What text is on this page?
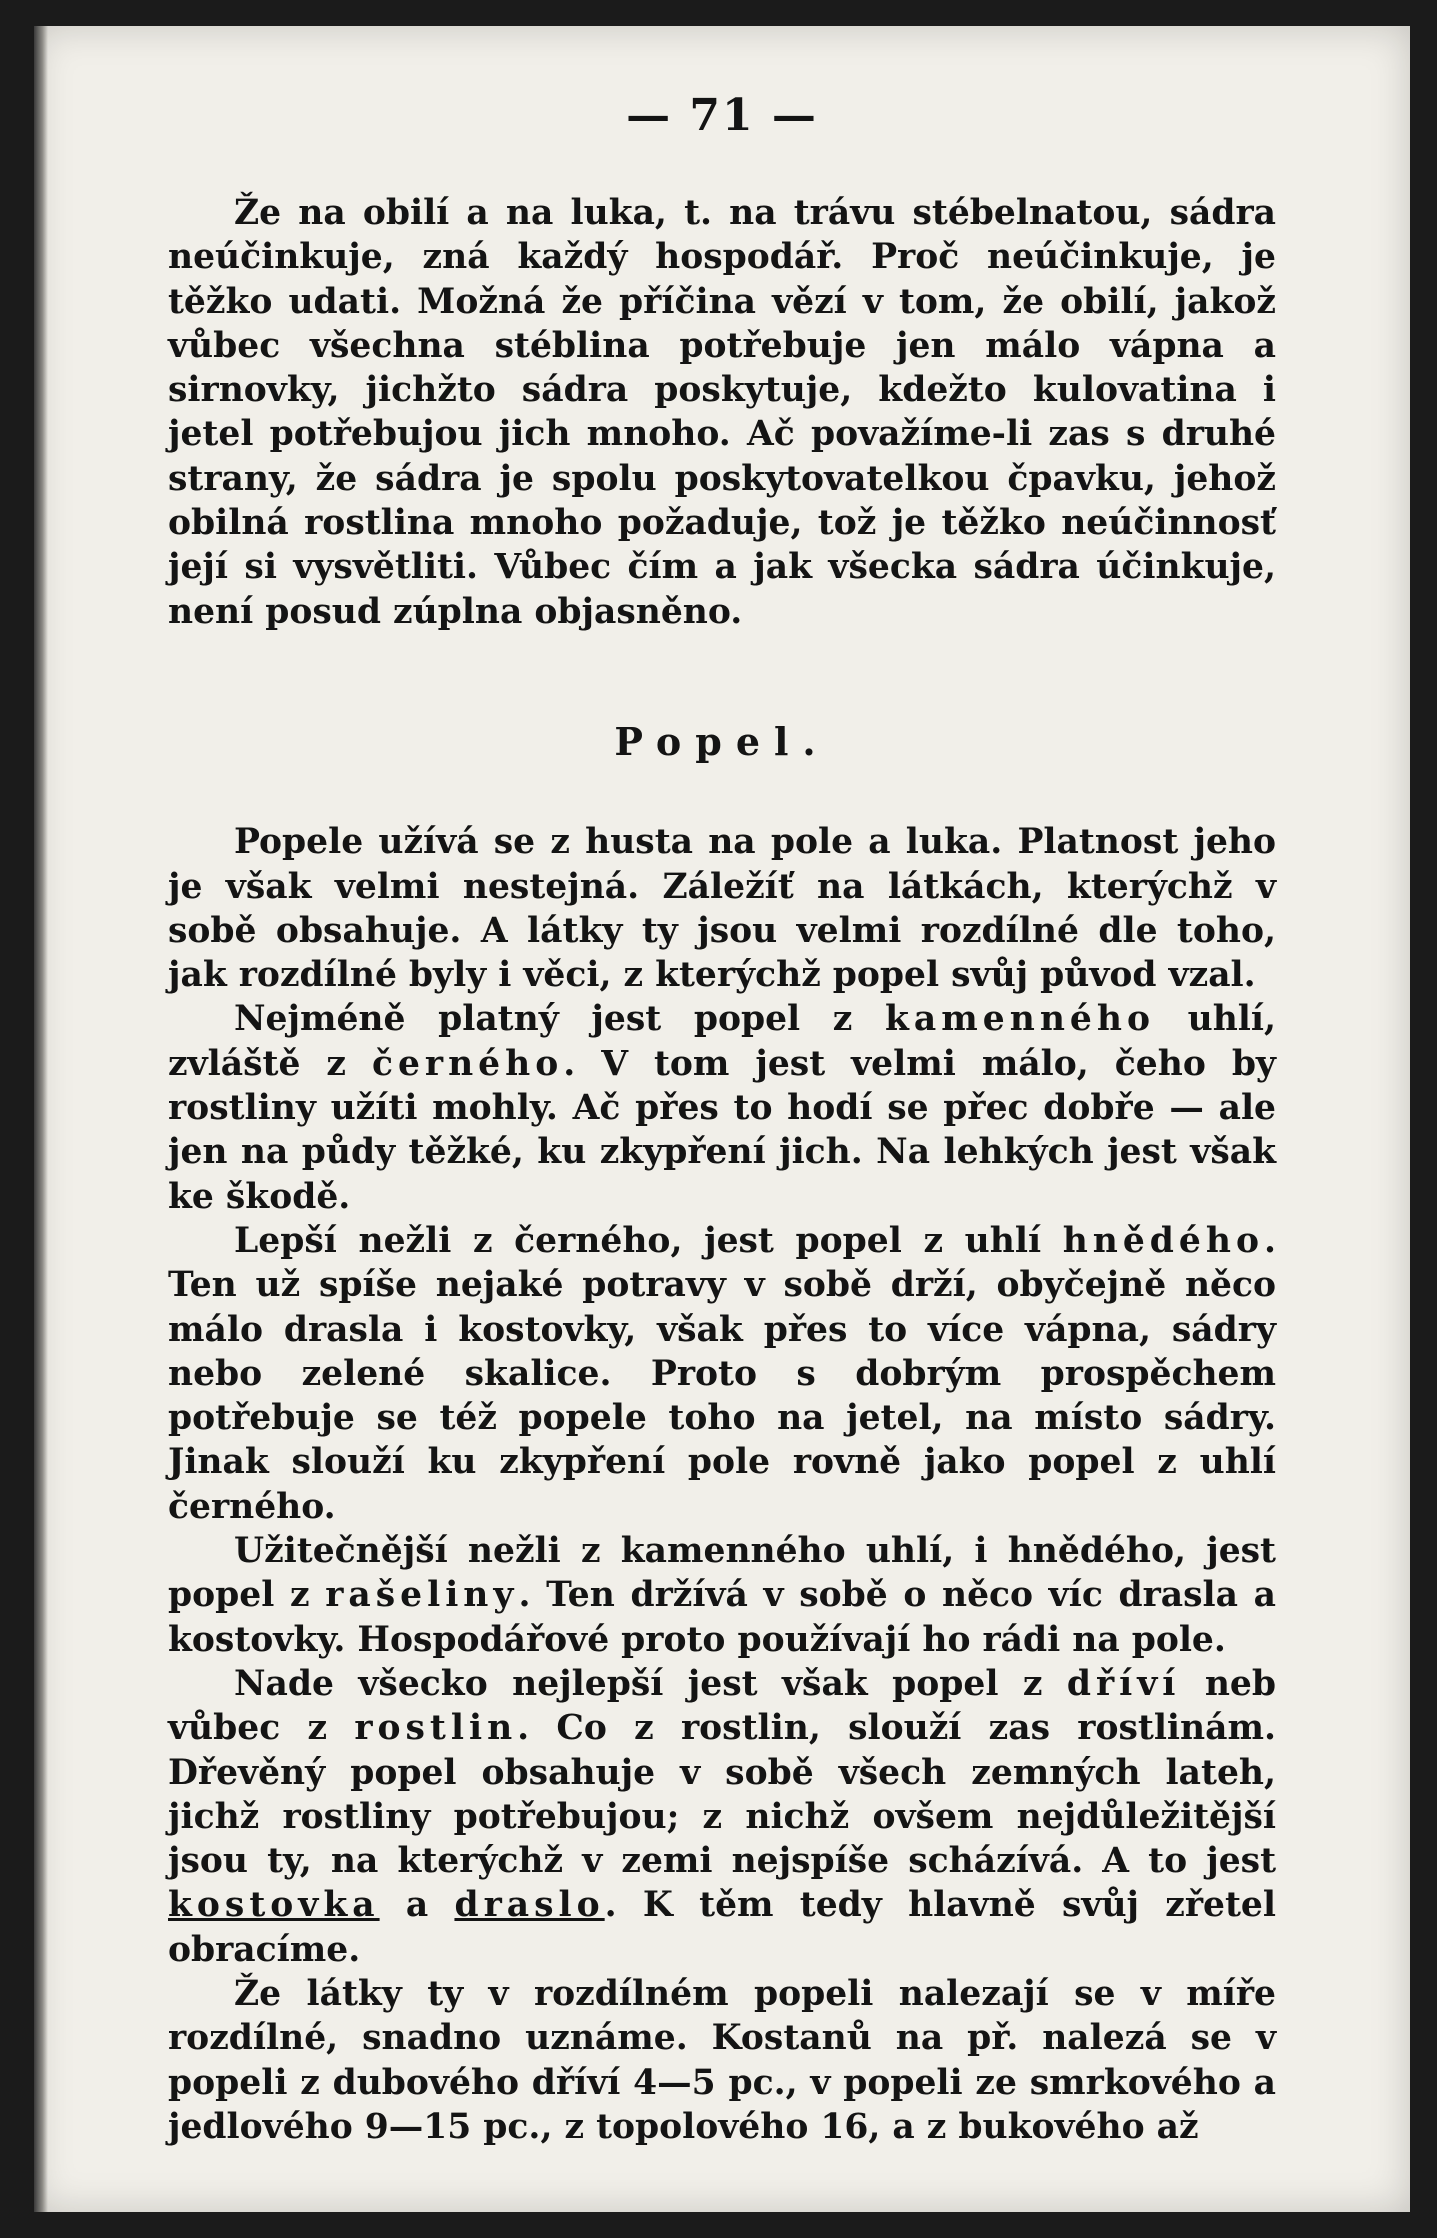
— 71 —

Že na obilí a na luka, t. na trávu stébelnatou, sádra neúčinkuje, zná každý hospodář. Proč neúčinkuje, je těžko udati. Možná že příčina vězí v tom, že obilí, jakož vůbec všechna stéblina potřebuje jen málo vápna a sirnovky, jichžto sádra poskytuje, kdežto kulovatina i jetel potřebujou jich mnoho. Ač považíme-li zas s druhé strany, že sádra je spolu poskytovatelkou čpavku, jehož obilná rostlina mnoho požaduje, tož je těžko neúčinnosť její si vysvětliti. Vůbec čím a jak všecka sádra účinkuje, není posud zúplna objasněno.

Popel.

Popele užívá se z husta na pole a luka. Platnost jeho je však velmi nestejná. Záležíť na látkách, kterýchž v sobě obsahuje. A látky ty jsou velmi rozdílné dle toho, jak rozdílné byly i věci, z kterýchž popel svůj původ vzal.

Nejméně platný jest popel z kamenného uhlí, zvláště z černého. V tom jest velmi málo, čeho by rostliny užíti mohly. Ač přes to hodí se přec dobře — ale jen na půdy těžké, ku zkypření jich. Na lehkých jest však ke škodě.

Lepší nežli z černého, jest popel z uhlí hnědého. Ten už spíše nejaké potravy v sobě drží, obyčejně něco málo drasla i kostovky, však přes to více vápna, sádry nebo zelené skalice. Proto s dobrým prospěchem potřebuje se též popele toho na jetel, na místo sádry. Jinak slouží ku zkypření pole rovně jako popel z uhlí černého.

Užitečnější nežli z kamenného uhlí, i hnědého, jest popel z rašeliny. Ten držívá v sobě o něco víc drasla a kostovky. Hospodářové proto používají ho rádi na pole.

Nade všecko nejlepší jest však popel z dříví neb vůbec z rostlin. Co z rostlin, slouží zas rostlinám. Dřevěný popel obsahuje v sobě všech zemných lateh, jichž rostliny potřebujou; z nichž ovšem nejdůležitější jsou ty, na kterýchž v zemi nejspíše scházívá. A to jest kostovka a draslo. K těm tedy hlavně svůj zřetel obracíme.

Že látky ty v rozdílném popeli nalezají se v míře rozdílné, snadno uznáme. Kostanů na př. nalezá se v popeli z dubového dříví 4—5 pc., v popeli ze smrkového a jedlového 9—15 pc., z topolového 16, a z bukového až
